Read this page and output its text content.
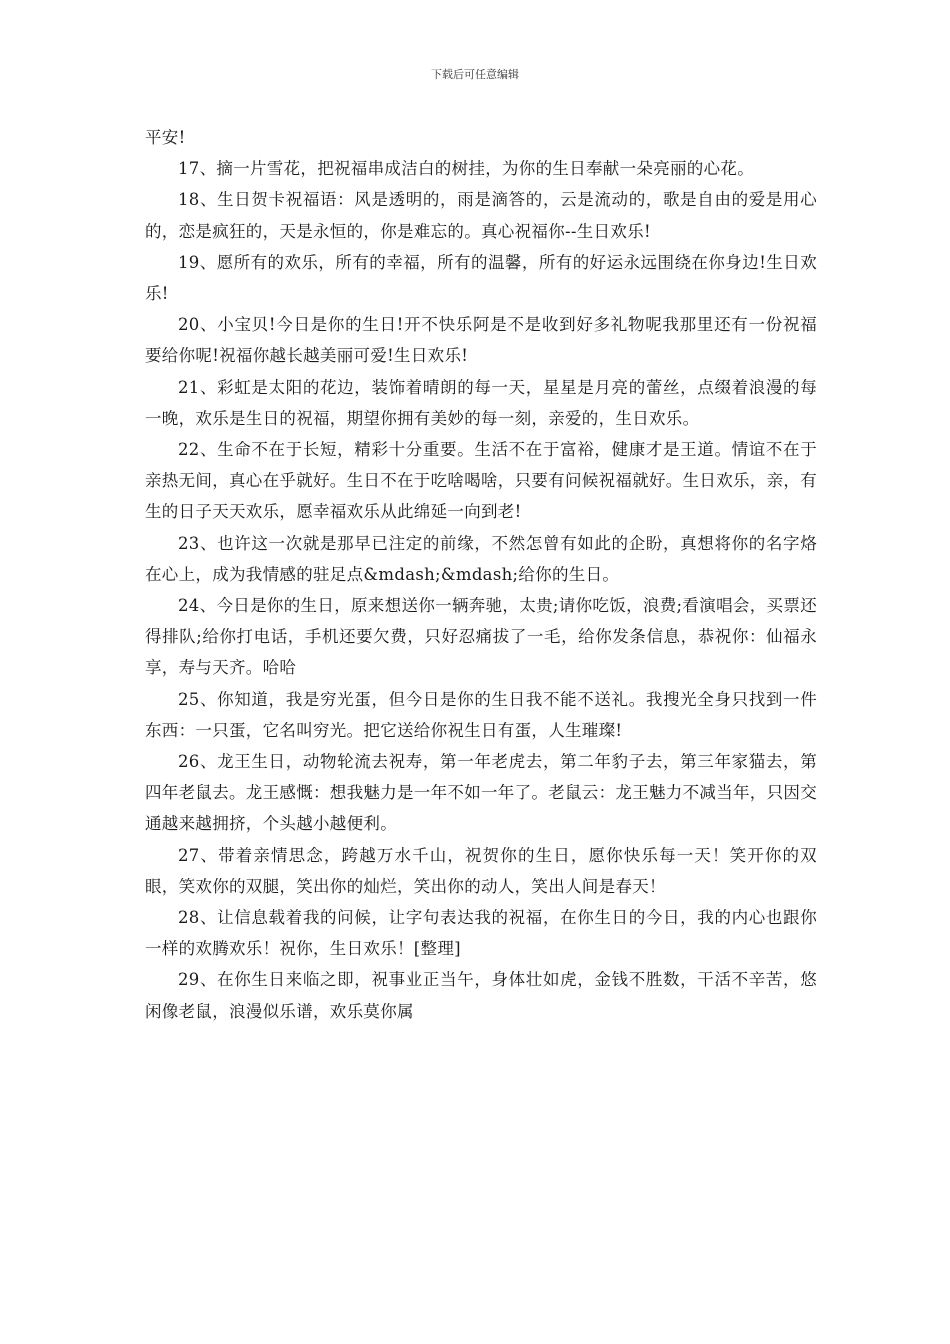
下载后可任意编辑

平安!

17、摘一片雪花，把祝福串成洁白的树挂，为你的生日奉献一朵亮丽的心花。

18、生日贺卡祝福语：风是透明的，雨是滴答的，云是流动的，歌是自由的爱是用心的，恋是疯狂的，天是永恒的，你是难忘的。真心祝福你--生日欢乐!

19、愿所有的欢乐，所有的幸福，所有的温馨，所有的好运永远围绕在你身边!生日欢乐!

20、小宝贝!今日是你的生日!开不快乐阿是不是收到好多礼物呢我那里还有一份祝福要给你呢!祝福你越长越美丽可爱!生日欢乐!

21、彩虹是太阳的花边，装饰着晴朗的每一天，星星是月亮的蕾丝，点缀着浪漫的每一晚，欢乐是生日的祝福，期望你拥有美妙的每一刻，亲爱的，生日欢乐。

22、生命不在于长短，精彩十分重要。生活不在于富裕，健康才是王道。情谊不在于亲热无间，真心在乎就好。生日不在于吃啥喝啥，只要有问候祝福就好。生日欢乐，亲，有生的日子天天欢乐，愿幸福欢乐从此绵延一向到老!

23、也许这一次就是那早已注定的前缘，不然怎曾有如此的企盼，真想将你的名字烙在心上，成为我情感的驻足点&mdash;&mdash;给你的生日。

24、今日是你的生日，原来想送你一辆奔驰，太贵;请你吃饭，浪费;看演唱会，买票还得排队;给你打电话，手机还要欠费，只好忍痛拔了一毛，给你发条信息，恭祝你：仙福永享，寿与天齐。哈哈

25、你知道，我是穷光蛋，但今日是你的生日我不能不送礼。我搜光全身只找到一件东西：一只蛋，它名叫穷光。把它送给你祝生日有蛋，人生璀璨!

26、龙王生日，动物轮流去祝寿，第一年老虎去，第二年豹子去，第三年家猫去，第四年老鼠去。龙王感慨：想我魅力是一年不如一年了。老鼠云：龙王魅力不减当年，只因交通越来越拥挤，个头越小越便利。

27、带着亲情思念，跨越万水千山，祝贺你的生日，愿你快乐每一天！笑开你的双眼，笑欢你的双腿，笑出你的灿烂，笑出你的动人，笑出人间是春天！

28、让信息载着我的问候，让字句表达我的祝福，在你生日的今日，我的内心也跟你一样的欢腾欢乐！祝你，生日欢乐！[整理]

29、在你生日来临之即，祝事业正当午，身体壮如虎，金钱不胜数，干活不辛苦，悠闲像老鼠，浪漫似乐谱，欢乐莫你属
